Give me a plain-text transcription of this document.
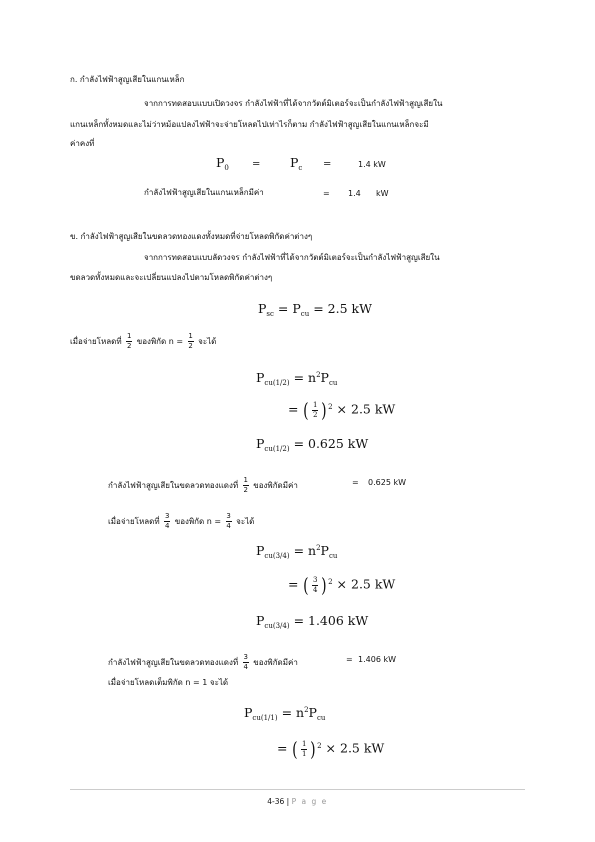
ก. กำลังไฟฟ้าสูญเสียในแกนเหล็ก
จากการทดสอบแบบเปิดวงจร กำลังไฟฟ้าที่ได้จากวัตต์มิเตอร์จะเป็นกำลังไฟฟ้าสูญเสียใน
แกนเหล็กทั้งหมดและไม่ว่าหม้อแปลงไฟฟ้าจะจ่ายโหลดไปเท่าไรก็ตาม กำลังไฟฟ้าสูญเสียในแกนเหล็กจะมี
ค่าคงที่
$P_0 = P_c$ =	1.4 kW
กำลังไฟฟ้าสูญเสียในแกนเหล็กมีค่า	= 1.4 kW
ข. กำลังไฟฟ้าสูญเสียในขดลวดทองแดงทั้งหมดที่จ่ายโหลดพิกัดค่าต่างๆ
จากการทดสอบแบบลัดวงจร กำลังไฟฟ้าที่ได้จากวัตต์มิเตอร์จะเป็นกำลังไฟฟ้าสูญเสียใน
ขดลวดทั้งหมดและจะเปลี่ยนแปลงไปตามโหลดพิกัดค่าต่างๆ
$P_{sc} = P_{cu} = 2.5$ kW
เมื่อจ่ายโหลดที่ $\frac{1}{2}$ ของพิกัด $n = \frac{1}{2}$ จะได้
$P_{cu(1/2)} = n^2P_{cu}$
= ( $\frac{1}{2}$ ) $^2$ × 2.5 kW
$P_{cu(1/2)} = 0.625$ kW
กำลังไฟฟ้าสูญเสียในขดลวดทองแดงที่ $\frac{1}{2}$ ของพิกัดมีค่า	= 0.625 kW
เมื่อจ่ายโหลดที่ $\frac{3}{4}$ ของพิกัด $n = \frac{3}{4}$ จะได้
$P_{cu(3/4)} = n^2P_{cu}$
= ( $\frac{3}{4}$ ) $^2$ × 2.5 kW
$P_{cu(3/4)} = 1.406$ kW
กำลังไฟฟ้าสูญเสียในขดลวดทองแดงที่ $\frac{3}{4}$ ของพิกัดมีค่า	= 1.406 kW
เมื่อจ่ายโหลดเต็มพิกัด n = 1 จะได้
$P_{cu(1/1)} = n^2P_{cu}$
= ( $\frac{1}{1}$ ) $^2$ × 2.5 kW
4-36 | P a g e
